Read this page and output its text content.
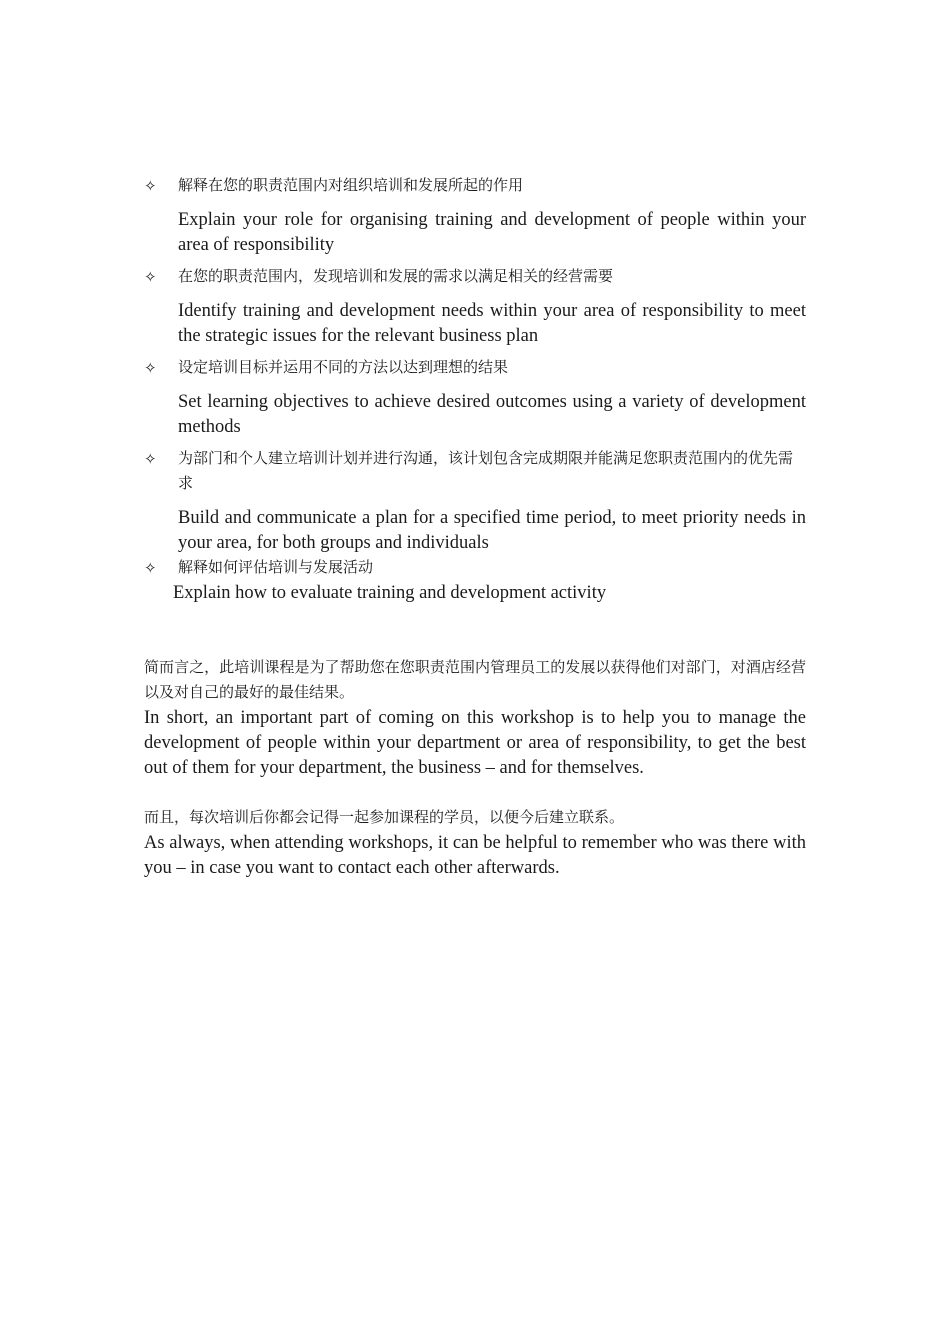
✧ 解释在您的职责范围内对组织培训和发展所起的作用
Explain your role for organising training and development of people within your area of responsibility
✧ 在您的职责范围内，发现培训和发展的需求以满足相关的经营需要
Identify training and development needs within your area of responsibility to meet the strategic issues for the relevant business plan
✧ 设定培训目标并运用不同的方法以达到理想的结果
Set learning objectives to achieve desired outcomes using a variety of development methods
✧ 为部门和个人建立培训计划并进行沟通，该计划包含完成期限并能满足您职责范围内的优先需求
Build and communicate a plan for a specified time period, to meet priority needs in your area, for both groups and individuals
✧ 解释如何评估培训与发展活动
Explain how to evaluate training and development activity
简而言之，此培训课程是为了帮助您在您职责范围内管理员工的发展以获得他们对部门，对酒店经营以及对自己的最好的最佳结果。
In short, an important part of coming on this workshop is to help you to manage the development of people within your department or area of responsibility, to get the best out of them for your department, the business – and for themselves.
而且，每次培训后你都会记得一起参加课程的学员，以便今后建立联系。
As always, when attending workshops, it can be helpful to remember who was there with you – in case you want to contact each other afterwards.
